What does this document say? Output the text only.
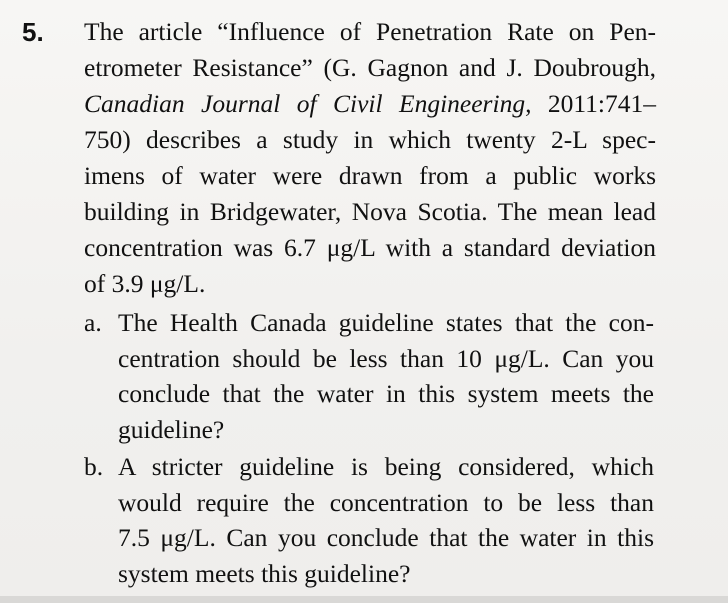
5. The article “Influence of Penetration Rate on Pen-
etrometer Resistance” (G. Gagnon and J. Doubrough,
Canadian Journal of Civil Engineering, 2011:741–
750) describes a study in which twenty 2-L spec-
imens of water were drawn from a public works
building in Bridgewater, Nova Scotia. The mean lead
concentration was 6.7 μg/L with a standard deviation
of 3.9 μg/L.
a. The Health Canada guideline states that the con-
centration should be less than 10 μg/L. Can you
conclude that the water in this system meets the
guideline?
b. A stricter guideline is being considered, which
would require the concentration to be less than
7.5 μg/L. Can you conclude that the water in this
system meets this guideline?
